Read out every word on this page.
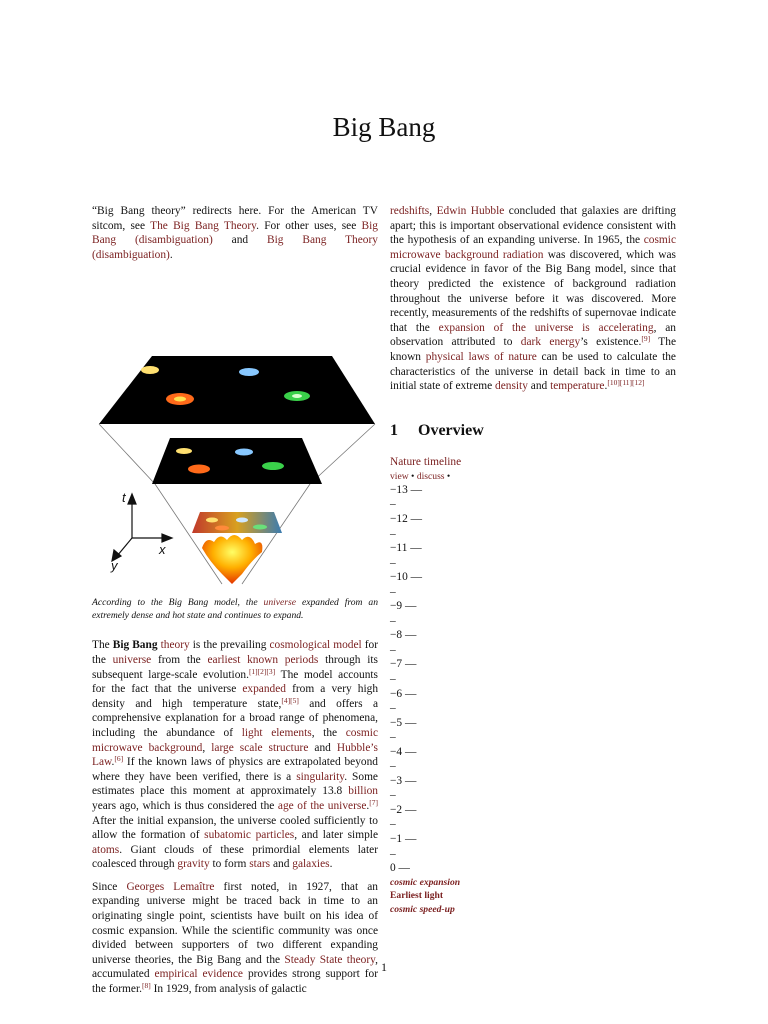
Big Bang

“Big Bang theory” redirects here. For the American TV sitcom, see The Big Bang Theory. For other uses, see Big Bang (disambiguation) and Big Bang Theory (disambiguation).

t
x
y
According to the Big Bang model, the universe expanded from an extremely dense and hot state and continues to expand.

The Big Bang theory is the prevailing cosmological model for the universe from the earliest known periods through its subsequent large-scale evolution.[1][2][3] The model accounts for the fact that the universe expanded from a very high density and high temperature state,[4][5] and offers a comprehensive explanation for a broad range of phenomena, including the abundance of light elements, the cosmic microwave background, large scale structure and Hubble’s Law.[6] If the known laws of physics are extrapolated beyond where they have been verified, there is a singularity. Some estimates place this moment at approximately 13.8 billion years ago, which is thus considered the age of the universe.[7] After the initial expansion, the universe cooled sufficiently to allow the formation of subatomic particles, and later simple atoms. Giant clouds of these primordial elements later coalesced through gravity to form stars and galaxies.

Since Georges Lemaître first noted, in 1927, that an expanding universe might be traced back in time to an originating single point, scientists have built on his idea of cosmic expansion. While the scientific community was once divided between supporters of two different expanding universe theories, the Big Bang and the Steady State theory, accumulated empirical evidence provides strong support for the former.[8] In 1929, from analysis of galactic

redshifts, Edwin Hubble concluded that galaxies are drifting apart; this is important observational evidence consistent with the hypothesis of an expanding universe. In 1965, the cosmic microwave background radiation was discovered, which was crucial evidence in favor of the Big Bang model, since that theory predicted the existence of background radiation throughout the universe before it was discovered. More recently, measurements of the redshifts of supernovae indicate that the expansion of the universe is accelerating, an observation attributed to dark energy’s existence.[9] The known physical laws of nature can be used to calculate the characteristics of the universe in detail back in time to an initial state of extreme density and temperature.[10][11][12]

1 Overview
Nature timeline
view • discuss •
−13 —
–
−12 —
–
−11 —
–
−10 —
–
−9 —
–
−8 —
–
−7 —
–
−6 —
–
−5 —
–
−4 —
–
−3 —
–
−2 —
–
−1 —
–
0 —
cosmic expansion
Earliest light
cosmic speed-up
1
